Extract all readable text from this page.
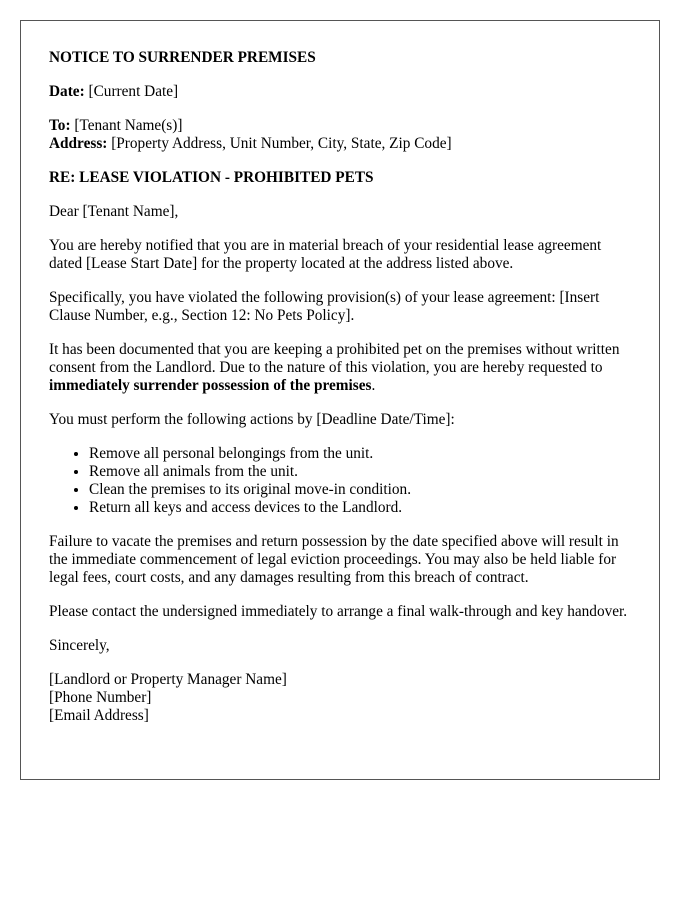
NOTICE TO SURRENDER PREMISES

Date: [Current Date]

To: [Tenant Name(s)]

Address: [Property Address, Unit Number, City, State, Zip Code]

RE: LEASE VIOLATION - PROHIBITED PETS

Dear [Tenant Name],

You are hereby notified that you are in material breach of your residential lease agreement dated [Lease Start Date] for the property located at the address listed above.

Specifically, you have violated the following provision(s) of your lease agreement: [Insert Clause Number, e.g., Section 12: No Pets Policy].

It has been documented that you are keeping a prohibited pet on the premises without written consent from the Landlord. Due to the nature of this violation, you are hereby requested to immediately surrender possession of the premises.

You must perform the following actions by [Deadline Date/Time]:

• Remove all personal belongings from the unit.
• Remove all animals from the unit.
• Clean the premises to its original move-in condition.
• Return all keys and access devices to the Landlord.

Failure to vacate the premises and return possession by the date specified above will result in the immediate commencement of legal eviction proceedings. You may also be held liable for legal fees, court costs, and any damages resulting from this breach of contract.

Please contact the undersigned immediately to arrange a final walk-through and key handover.

Sincerely,

[Landlord or Property Manager Name]

[Phone Number]

[Email Address]
